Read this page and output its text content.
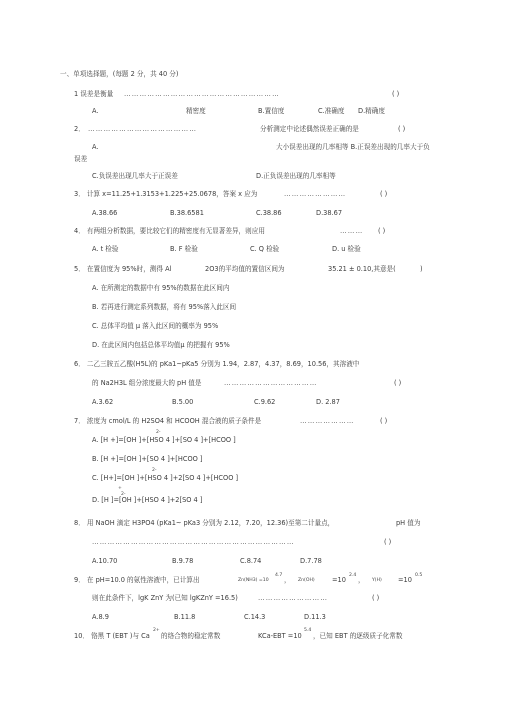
一、单项选择题，(每题 2 分，共 40 分)
1 误差是衡量 ……………………………………………………	( )
A.	精密度	B.置信度	C.准确度 D.精确度
2． ……………………………………	分析测定中论述偶然误差正确的是	( )
A.	大小误差出现的几率相等 B.正误差出现的几率大于负
误差
C.负误差出现几率大于正误差	D.正负误差出现的几率相等
3． 计算 x=11.25+1.3153+1.225+25.0678，答案 x 应为	……………………	( )
A.38.66	B.38.6581	C.38.86	D.38.67
4． 有两组分析数据，要比较它们的精密度有无显著差异，则应用	……… ( )
A. t 检验	B. F 检验	C. Q 检验	D. u 检验
5． 在置信度为 95%时，测得 Al	2O3的平均值的置信区间为	35.21 ± 0.10,其意是(	)
A. 在所测定的数据中有 95%的数据在此区间内
B. 若再进行测定系列数据，将有 95%落入此区间
C. 总体平均值 μ 落入此区间的概率为 95%
D. 在此区间内包括总体平均值μ 的把握有 95%
6． 二乙三胺五乙酸(H5L)的 pKa1~pKa5 分别为 1.94，2.87，4.37，8.69，10.56，其溶液中
的 Na2H3L 组分浓度最大的 pH 值是	………………………………	( )
A.3.62	B.5.00	C.9.62	D. 2.87
7． 浓度为 cmol/L 的 H2SO4 和 HCOOH 混合液的质子条件是	…………………	( )
2-
A. [H +]=[OH ]+[HSO 4 ]+[SO 4 ]+[HCOO ]
B. [H +]=[OH ]+[SO 4 ]+[HCOO ]
2-
C. [H+]=[OH ]+[HSO 4 ]+2[SO 4 ]+[HCOO ]
+
2-
D. [H ]=[OH ]+[HSO 4 ]+2[SO 4 ]
8． 用 NaOH 滴定 H3PO4 (pKa1~ pKa3 分别为 2.12，7.20，12.36)至第二计量点，	pH 值为
……………………………………………………………………	( )
A.10.70	B.9.78	C.8.74	D.7.78
9． 在 pH=10.0 的氨性溶液中，已计算出	Zn(NH3) =10
4.7
， Zn(OH)	=10
2.4
， Y(H) =10
0.5
则在此条件下，lgK ZnY 为(已知 lgKZnY =16.5)	………………………	( )
A.8.9	B.11.8	C.14.3	D.11.3
10． 铬黑 T (EBT )与 Ca
2+
的络合物的稳定常数	KCa-EBT =10
5.4
，已知 EBT 的逐级质子化常数
